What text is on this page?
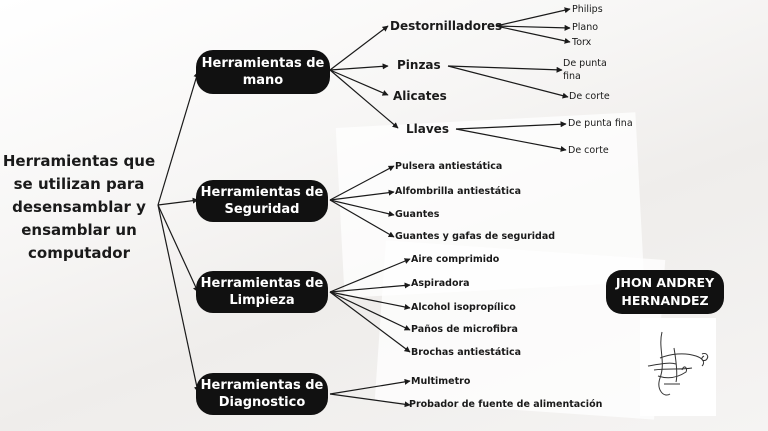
Herramientas que se utilizan para desensamblar y ensamblar un computador
Herramientas de mano
Herramientas de Seguridad
Herramientas de Limpieza
Herramientas de Diagnostico
Destornilladores
Pinzas
Alicates
Llaves
Philips
Plano
Torx
De punta fina
De corte
De punta fina
De corte
Pulsera antiestática
Alfombrilla antiestática
Guantes
Guantes y gafas de seguridad
Aire comprimido
Aspiradora
Alcohol isopropílico
Paños de microfibra
Brochas antiestática
Multimetro
Probador de fuente de alimentación
JHON ANDREY HERNANDEZ
